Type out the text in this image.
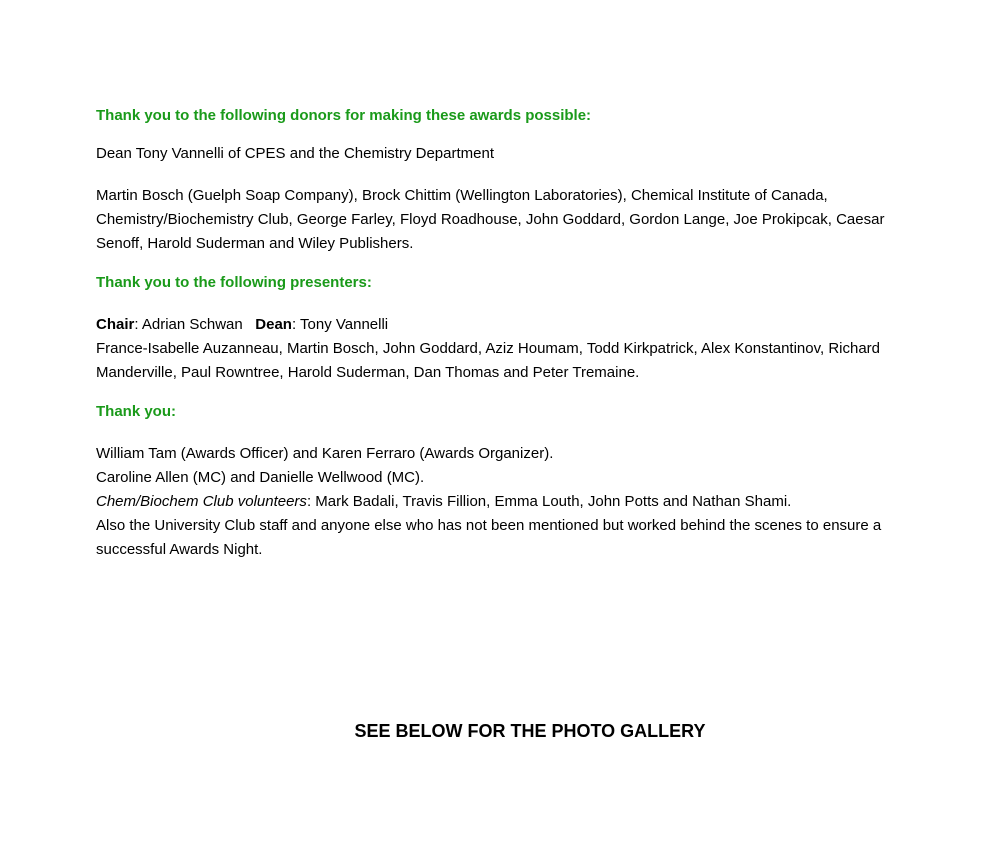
Thank you to the following donors for making these awards possible:

Dean Tony Vannelli of CPES and the Chemistry Department

Martin Bosch (Guelph Soap Company), Brock Chittim (Wellington Laboratories), Chemical Institute of Canada, Chemistry/Biochemistry Club, George Farley, Floyd Roadhouse, John Goddard, Gordon Lange, Joe Prokipcak, Caesar Senoff, Harold Suderman and Wiley Publishers.

Thank you to the following presenters:

Chair: Adrian Schwan Dean: Tony Vannelli

France-Isabelle Auzanneau, Martin Bosch, John Goddard, Aziz Houmam, Todd Kirkpatrick, Alex Konstantinov, Richard Manderville, Paul Rowntree, Harold Suderman, Dan Thomas and Peter Tremaine.

Thank you:

William Tam (Awards Officer) and Karen Ferraro (Awards Organizer).

Caroline Allen (MC) and Danielle Wellwood (MC).

Chem/Biochem Club volunteers: Mark Badali, Travis Fillion, Emma Louth, John Potts and Nathan Shami.

Also the University Club staff and anyone else who has not been mentioned but worked behind the scenes to ensure a successful Awards Night.

SEE BELOW FOR THE PHOTO GALLERY
